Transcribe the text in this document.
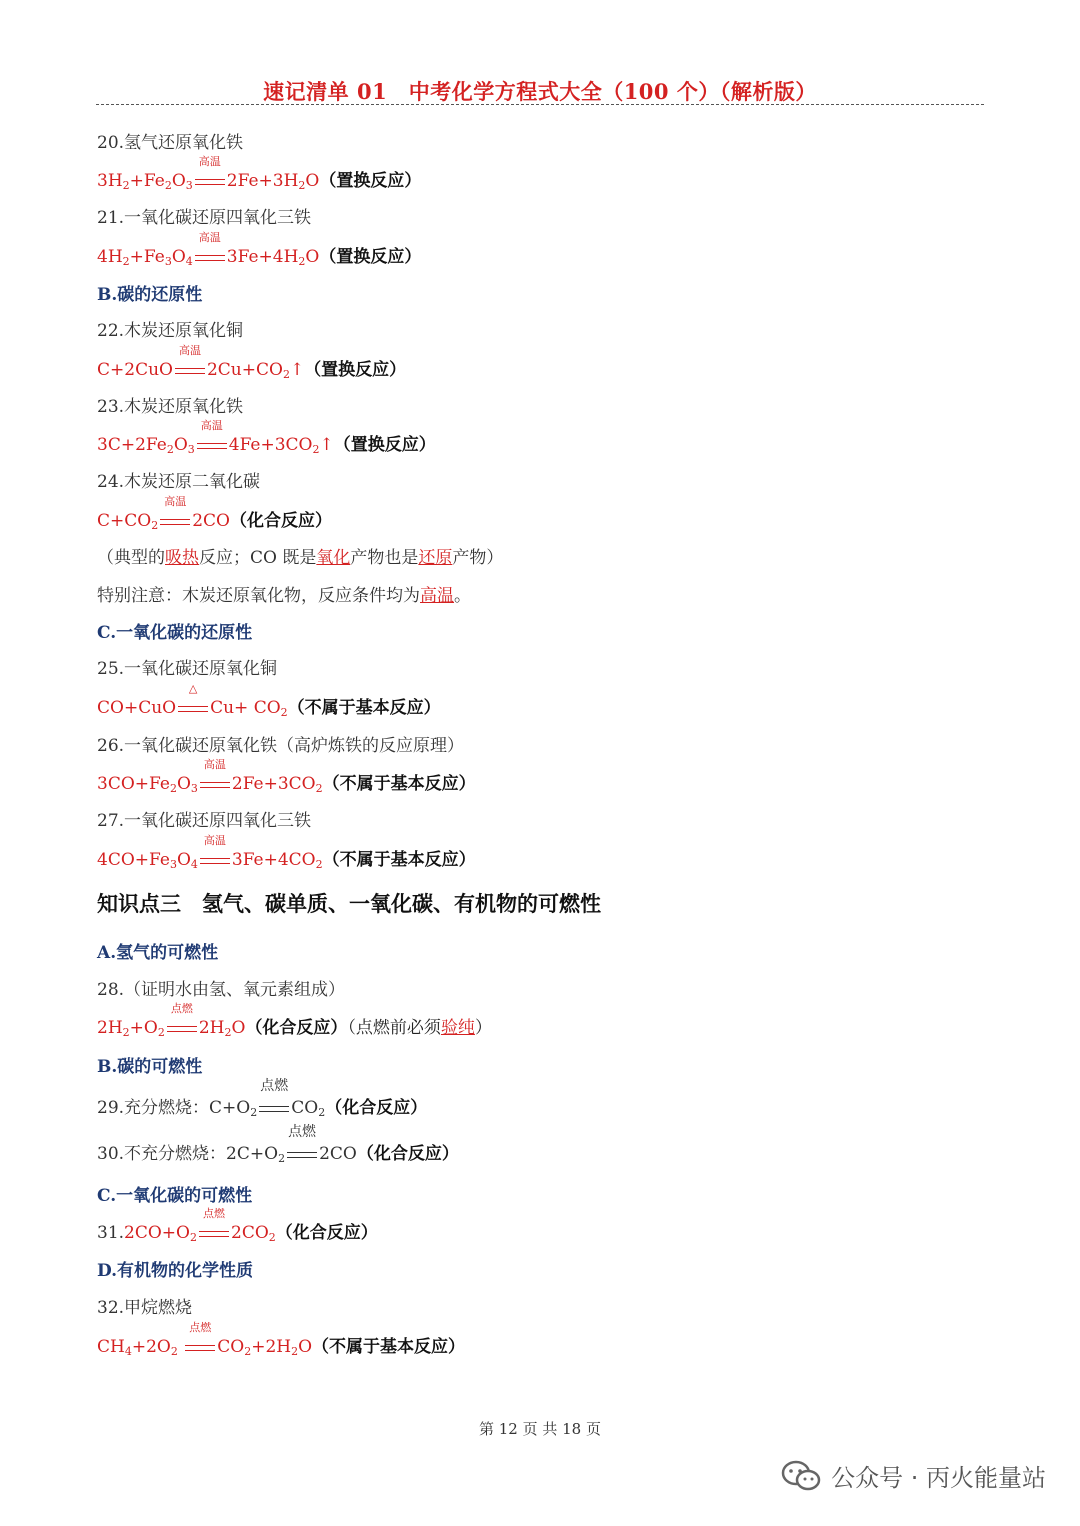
速记清单 01　中考化学方程式大全（100 个）（解析版）
20.氢气还原氧化铁
$3H_2+Fe_2O_3$
高温
$2Fe+3H_2O$（置换反应）
21.一氧化碳还原四氧化三铁
$4H_2+Fe_3O_4$
高温
$3Fe+4H_2O$（置换反应）
B.碳的还原性
22.木炭还原氧化铜
C+2CuO
高温
$2Cu+CO_2↑$（置换反应）
23.木炭还原氧化铁
$3C+2Fe_2O_3$
高温
$4Fe+3CO_2↑$（置换反应）
24.木炭还原二氧化碳
$C+CO_2$
高温
2CO（化合反应）
（典型的吸热反应；CO 既是氧化产物也是还原产物）
特别注意：木炭还原氧化物，反应条件均为高温。
C.一氧化碳的还原性
25.一氧化碳还原氧化铜
CO+CuO
△
$Cu+ CO_2$（不属于基本反应）
26.一氧化碳还原氧化铁（高炉炼铁的反应原理）
$3CO+Fe_2O_3$
高温
$2Fe+3CO_2$（不属于基本反应）
27.一氧化碳还原四氧化三铁
$4CO+Fe_3O_4$
高温
$3Fe+4CO_2$（不属于基本反应）
知识点三　氢气、碳单质、一氧化碳、有机物的可燃性
A.氢气的可燃性
28.（证明水由氢、氧元素组成）
$2H_2+O_2$
点燃
$2H_2O$（化合反应）（点燃前必须验纯）
B.碳的可燃性
29.充分燃烧：$C+O_2$
点燃
$CO_2$（化合反应）
30.不充分燃烧：$2C+O_2$
点燃
2CO（化合反应）
C.一氧化碳的可燃性
$31.2CO+O_2$
点燃
$2CO_2$（化合反应）
D.有机物的化学性质
32.甲烷燃烧
$CH_4+2O_2$
点燃
$CO_2+2H_2O$（不属于基本反应）
第 12 页 共 18 页
公众号 · 丙火能量站
